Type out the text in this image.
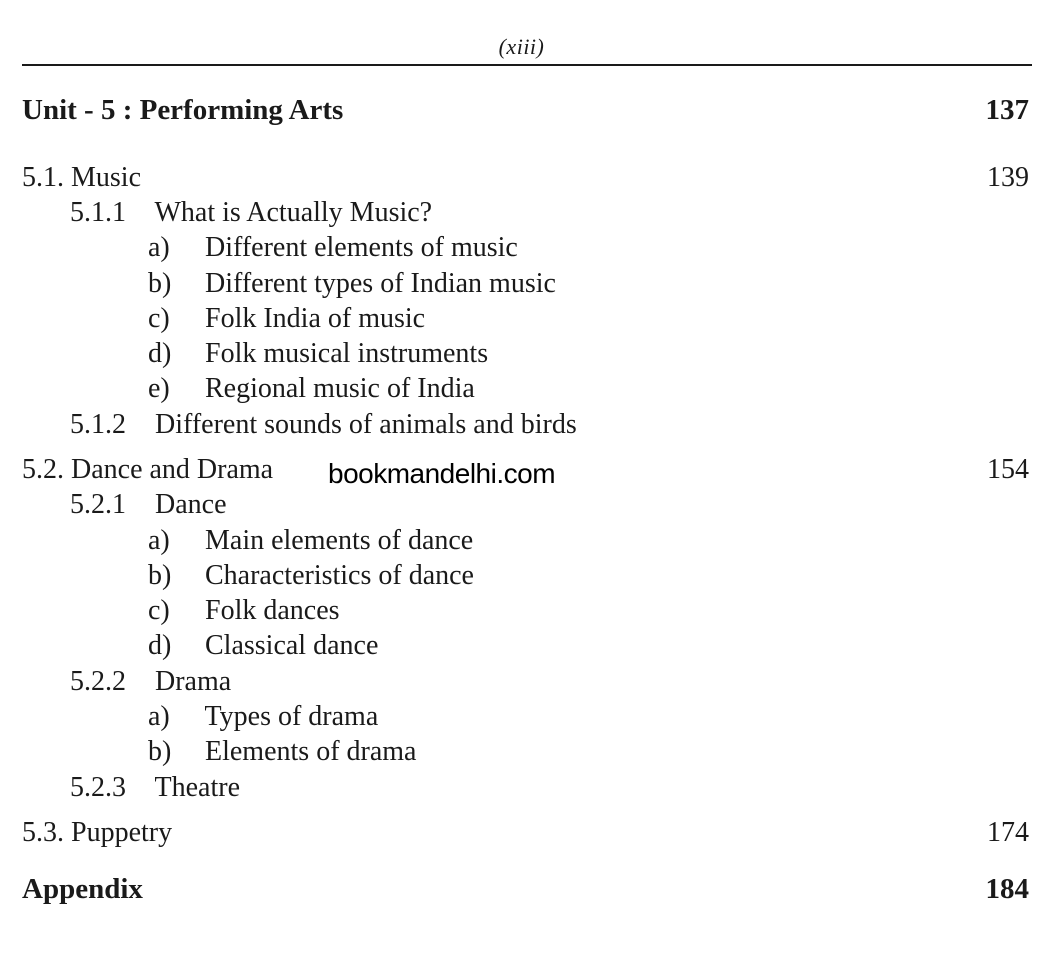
(xiii)
Unit - 5 : Performing Arts	137
5.1. Music	139
5.1.1 What is Actually Music?
a) Different elements of music
b) Different types of Indian music
c) Folk India of music
d) Folk musical instruments
e) Regional music of India
5.1.2 Different sounds of animals and birds
5.2. Dance and Drama	154
bookmandelhi.com
5.2.1 Dance
a) Main elements of dance
b) Characteristics of dance
c) Folk dances
d) Classical dance
5.2.2 Drama
a) Types of drama
b) Elements of drama
5.2.3 Theatre
5.3. Puppetry	174
Appendix	184
